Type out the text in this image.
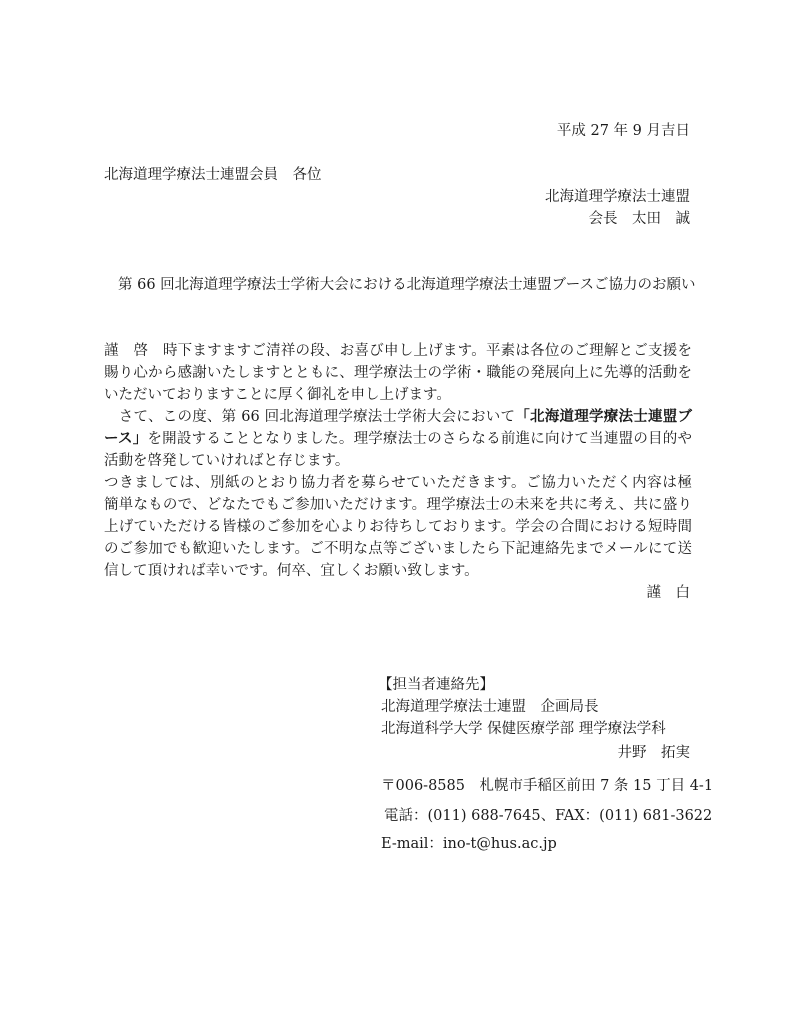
平成 27 年 9 月吉日
北海道理学療法士連盟会員　各位
北海道理学療法士連盟
会長　太田　誠
第 66 回北海道理学療法士学術大会における北海道理学療法士連盟ブースご協力のお願い

謹　啓　時下ますますご清祥の段、お喜び申し上げます。平素は各位のご理解とご支援を
賜り心から感謝いたしますとともに、理学療法士の学術・職能の発展向上に先導的活動を
いただいておりますことに厚く御礼を申し上げます。

　さて、この度、第 66 回北海道理学療法士学術大会において「北海道理学療法士連盟ブ
ース」を開設することとなりました。理学療法士のさらなる前進に向けて当連盟の目的や
活動を啓発していければと存じます。

つきましては、別紙のとおり協力者を募らせていただきます。ご協力いただく内容は極
簡単なもので、どなたでもご参加いただけます。理学療法士の未来を共に考え、共に盛り
上げていただける皆様のご参加を心よりお待ちしております。学会の合間における短時間
のご参加でも歓迎いたします。ご不明な点等ございましたら下記連絡先までメールにて送
信して頂ければ幸いです。何卒、宜しくお願い致します。

謹　白
【担当者連絡先】
北海道理学療法士連盟　企画局長
北海道科学大学 保健医療学部 理学療法学科
井野　拓実
〒006-8585　札幌市手稲区前田 7 条 15 丁目 4-1
電話：(011) 688-7645、FAX：(011) 681-3622
E-mail：ino-t@hus.ac.jp
